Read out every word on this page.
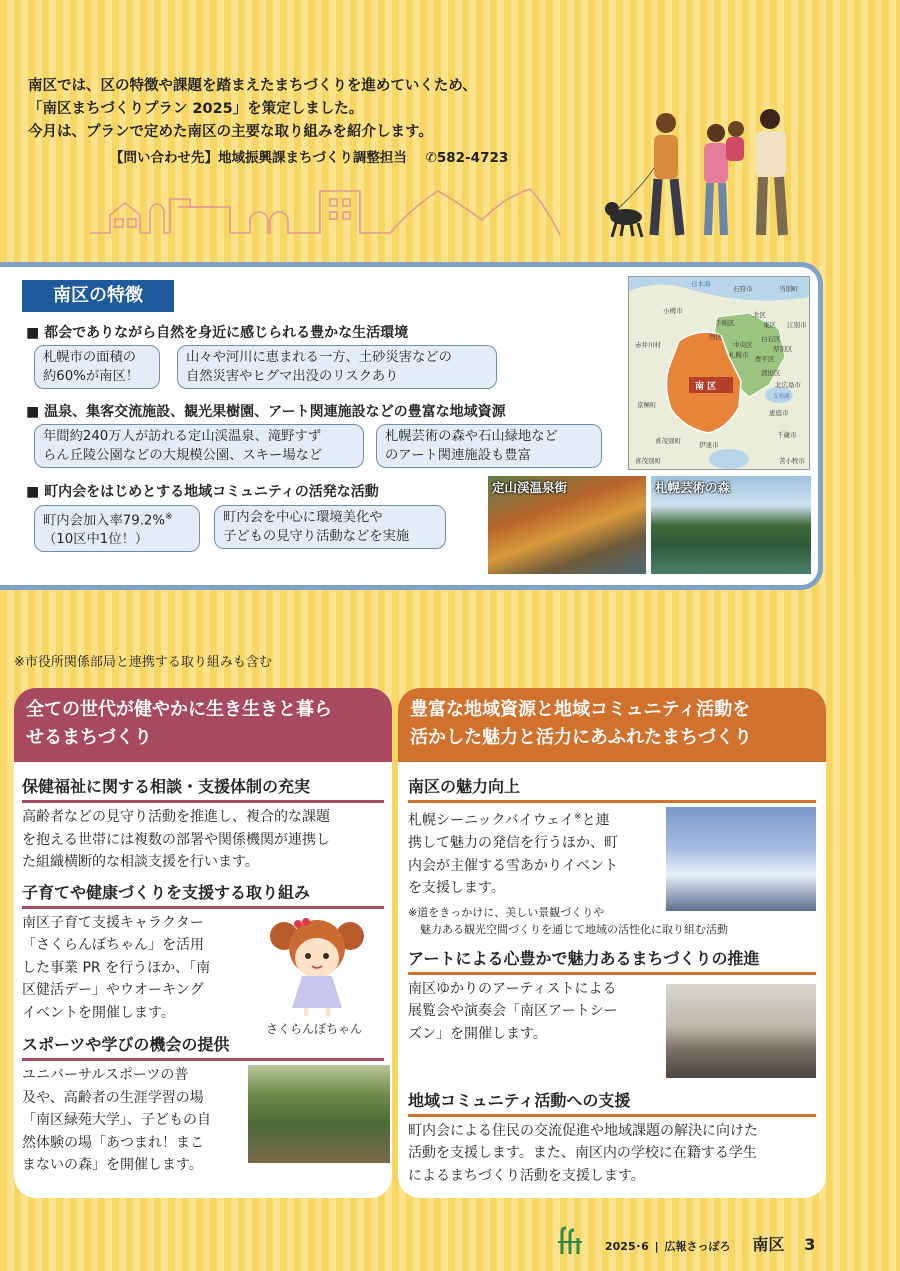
南区では、区の特徴や課題を踏まえたまちづくりを進めていくため、
「南区まちづくりプラン 2025」を策定しました。
今月は、プランで定めた南区の主要な取り組みを紹介します。
【問い合わせ先】地域振興課まちづくり調整担当 ✆582-4723
南区の特徴
■ 都会でありながら自然を身近に感じられる豊かな生活環境
札幌市の面積の
約60%が南区！
山々や河川に恵まれる一方、土砂災害などの
自然災害やヒグマ出没のリスクあり
■ 温泉、集客交流施設、観光果樹園、アート関連施設などの豊富な地域資源
年間約240万人が訪れる定山渓温泉、滝野すず
らん丘陵公園などの大規模公園、スキー場など
札幌芸術の森や石山緑地など
のアート関連施設も豊富
■ 町内会をはじめとする地域コミュニティの活発な活動
町内会加入率79.2%※
（10区中1位！）
町内会を中心に環境美化や
子どもの見守り活動などを実施
日本海
石狩市	当別町
小樽市	北区
東区
手稲区
西区
中央区
白石区
厚別区
江別市
札幌市 豊平区
清田区
北広島市
赤井川村
京極町
恵庭市
千歳市
喜茂別町	伊達市
苫小牧市
喜茂別町
支笏湖
南 区
定山渓温泉街	札幌芸術の森
※市役所関係部局と連携する取り組みも含む
全ての世代が健やかに生き生きと暮ら
せるまちづくり
保健福祉に関する相談・支援体制の充実
高齢者などの見守り活動を推進し、複合的な課題
を抱える世帯には複数の部署や関係機関が連携し
た組織横断的な相談支援を行います。
子育てや健康づくりを支援する取り組み
南区子育て支援キャラクター
「さくらんぼちゃん」を活用
した事業 PR を行うほか、「南
区健活デー」やウオーキング
イベントを開催します。
さくらんぼちゃん
スポーツや学びの機会の提供
ユニバーサルスポーツの普
及や、高齢者の生涯学習の場
「南区緑苑大学」、子どもの自
然体験の場「あつまれ！まこ
まないの森」を開催します。
豊富な地域資源と地域コミュニティ活動を
活かした魅力と活力にあふれたまちづくり
南区の魅力向上
札幌シーニックバイウェイ※と連
携して魅力の発信を行うほか、町
内会が主催する雪あかりイベント
を支援します。
※道をきっかけに、美しい景観づくりや
魅力ある観光空間づくりを通じて地域の活性化に取り組む活動
アートによる心豊かで魅力あるまちづくりの推進
南区ゆかりのアーティストによる
展覧会や演奏会「南区アートシー
ズン」を開催します。
地域コミュニティ活動への支援
町内会による住民の交流促進や地域課題の解決に向けた
活動を支援します。また、南区内の学校に在籍する学生
によるまちづくり活動を支援します。
2025･6 | 広報さっぽろ 南区 3
